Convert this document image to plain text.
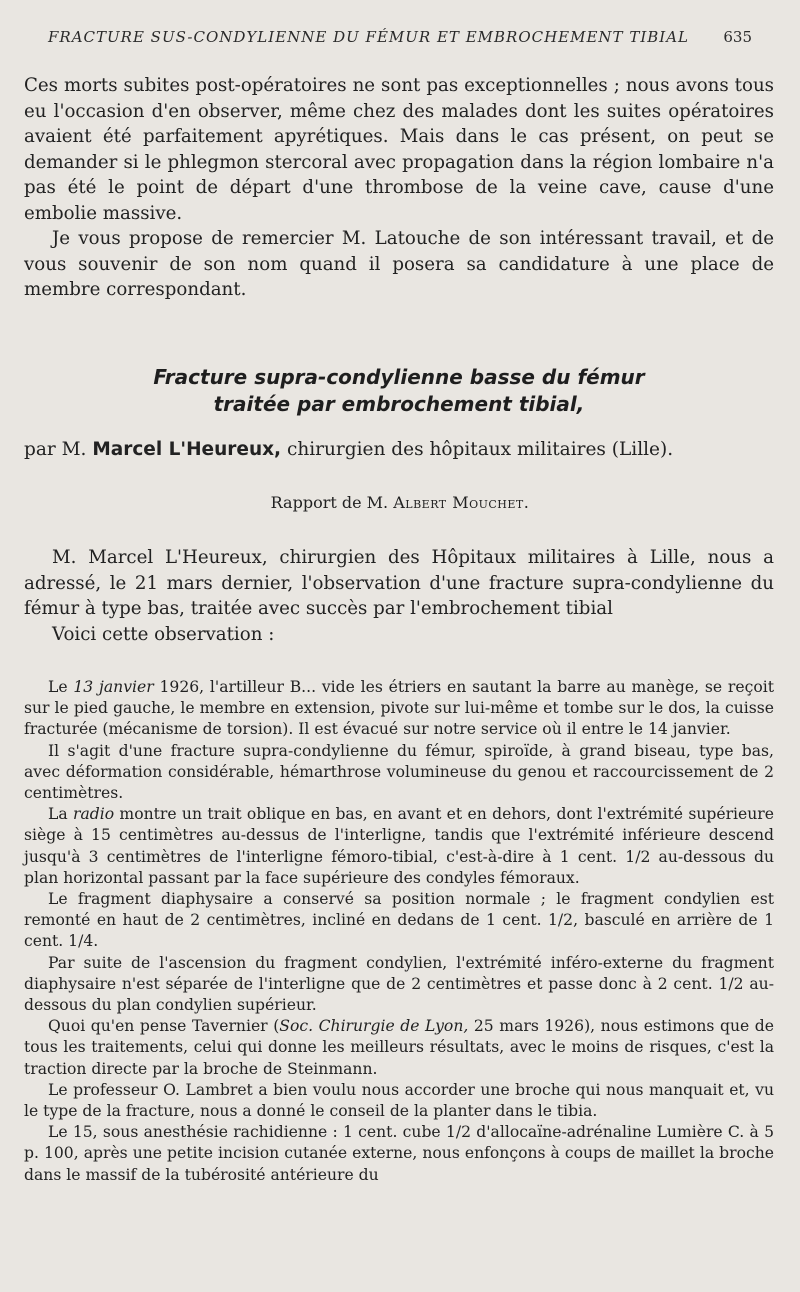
FRACTURE SUS-CONDYLIENNE DU FÉMUR ET EMBROCHEMENT TIBIAL 635

Ces morts subites post-opératoires ne sont pas exceptionnelles ; nous avons tous eu l'occasion d'en observer, même chez des malades dont les suites opératoires avaient été parfaitement apyrétiques. Mais dans le cas présent, on peut se demander si le phlegmon stercoral avec propagation dans la région lombaire n'a pas été le point de départ d'une thrombose de la veine cave, cause d'une embolie massive.

Je vous propose de remercier M. Latouche de son intéressant travail, et de vous souvenir de son nom quand il posera sa candidature à une place de membre correspondant.

Fracture supra-condylienne basse du fémur
traitée par embrochement tibial,
par M. Marcel L'Heureux, chirurgien des hôpitaux militaires (Lille).
Rapport de M. Albert Mouchet.

M. Marcel L'Heureux, chirurgien des Hôpitaux militaires à Lille, nous a adressé, le 21 mars dernier, l'observation d'une fracture supra-condylienne du fémur à type bas, traitée avec succès par l'embrochement tibial

Voici cette observation :

Le 13 janvier 1926, l'artilleur B... vide les étriers en sautant la barre au manège, se reçoit sur le pied gauche, le membre en extension, pivote sur lui-même et tombe sur le dos, la cuisse fracturée (mécanisme de torsion). Il est évacué sur notre service où il entre le 14 janvier.

Il s'agit d'une fracture supra-condylienne du fémur, spiroïde, à grand biseau, type bas, avec déformation considérable, hémarthrose volumineuse du genou et raccourcissement de 2 centimètres.

La radio montre un trait oblique en bas, en avant et en dehors, dont l'extrémité supérieure siège à 15 centimètres au-dessus de l'interligne, tandis que l'extrémité inférieure descend jusqu'à 3 centimètres de l'interligne fémoro-tibial, c'est-à-dire à 1 cent. 1/2 au-dessous du plan horizontal passant par la face supérieure des condyles fémoraux.

Le fragment diaphysaire a conservé sa position normale ; le fragment condylien est remonté en haut de 2 centimètres, incliné en dedans de 1 cent. 1/2, basculé en arrière de 1 cent. 1/4.

Par suite de l'ascension du fragment condylien, l'extrémité inféro-externe du fragment diaphysaire n'est séparée de l'interligne que de 2 centimètres et passe donc à 2 cent. 1/2 au-dessous du plan condylien supérieur.

Quoi qu'en pense Tavernier (Soc. Chirurgie de Lyon, 25 mars 1926), nous estimons que de tous les traitements, celui qui donne les meilleurs résultats, avec le moins de risques, c'est la traction directe par la broche de Steinmann.

Le professeur O. Lambret a bien voulu nous accorder une broche qui nous manquait et, vu le type de la fracture, nous a donné le conseil de la planter dans le tibia.

Le 15, sous anesthésie rachidienne : 1 cent. cube 1/2 d'allocaïne-adrénaline Lumière C. à 5 p. 100, après une petite incision cutanée externe, nous enfonçons à coups de maillet la broche dans le massif de la tubérosité antérieure du
